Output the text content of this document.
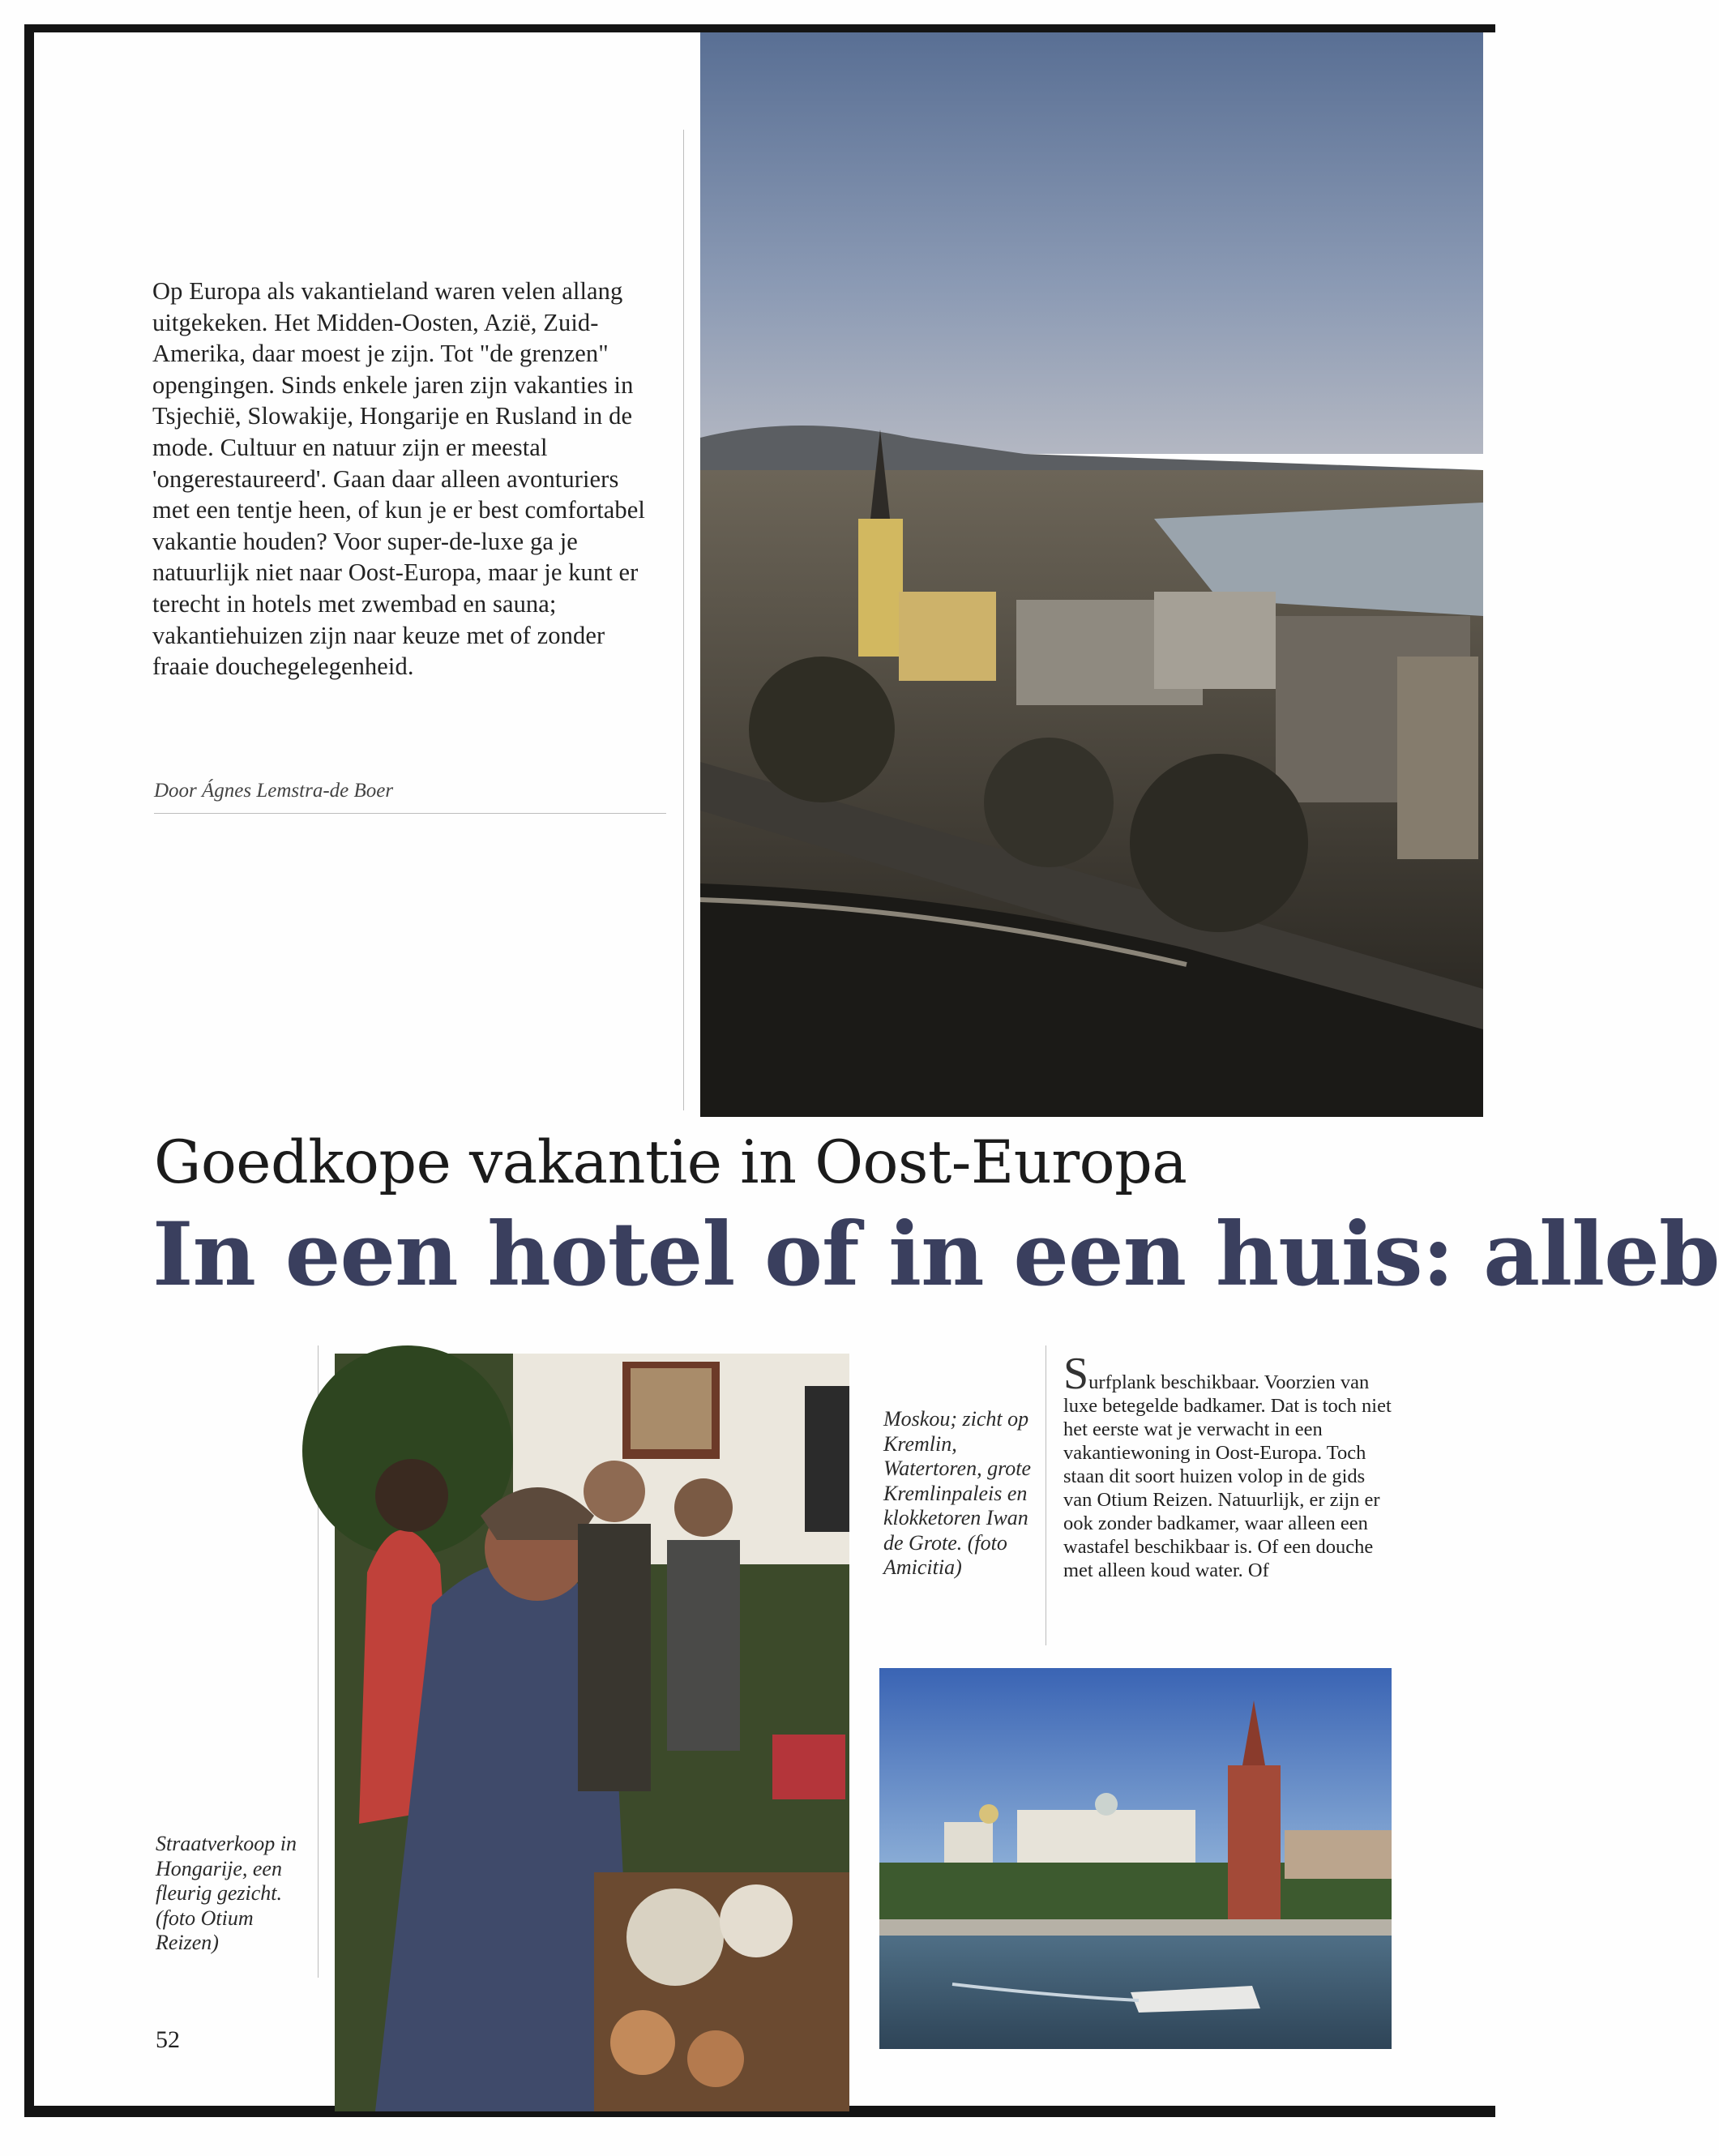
Op Europa als vakantieland waren velen allang uitgekeken. Het Midden-Oosten, Azië, Zuid-Amerika, daar moest je zijn. Tot "de grenzen" opengingen. Sinds enkele jaren zijn vakanties in Tsjechië, Slowakije, Hongarije en Rusland in de mode. Cultuur en natuur zijn er meestal 'ongerestaureerd'. Gaan daar alleen avonturiers met een tentje heen, of kun je er best comfortabel vakantie houden? Voor super-de-luxe ga je natuurlijk niet naar Oost-Europa, maar je kunt er terecht in hotels met zwembad en sauna; vakantiehuizen zijn naar keuze met of zonder fraaie douchegelegenheid.

Door Ágnes Lemstra-de Boer

Goedkope vakantie in Oost-Europa
In een hotel of in een huis: alleb

Straatverkoop in Hongarije, een fleurig gezicht. (foto Otium Reizen)

Moskou; zicht op Kremlin, Watertoren, grote Kremlinpaleis en klokketoren Iwan de Grote. (foto Amicitia)

Surfplank beschikbaar. Voorzien van luxe betegelde badkamer. Dat is toch niet het eerste wat je verwacht in een vakantiewoning in Oost-Europa. Toch staan dit soort huizen volop in de gids van Otium Reizen. Natuurlijk, er zijn er ook zonder badkamer, waar alleen een wastafel beschikbaar is. Of een douche met alleen koud water. Of

52
